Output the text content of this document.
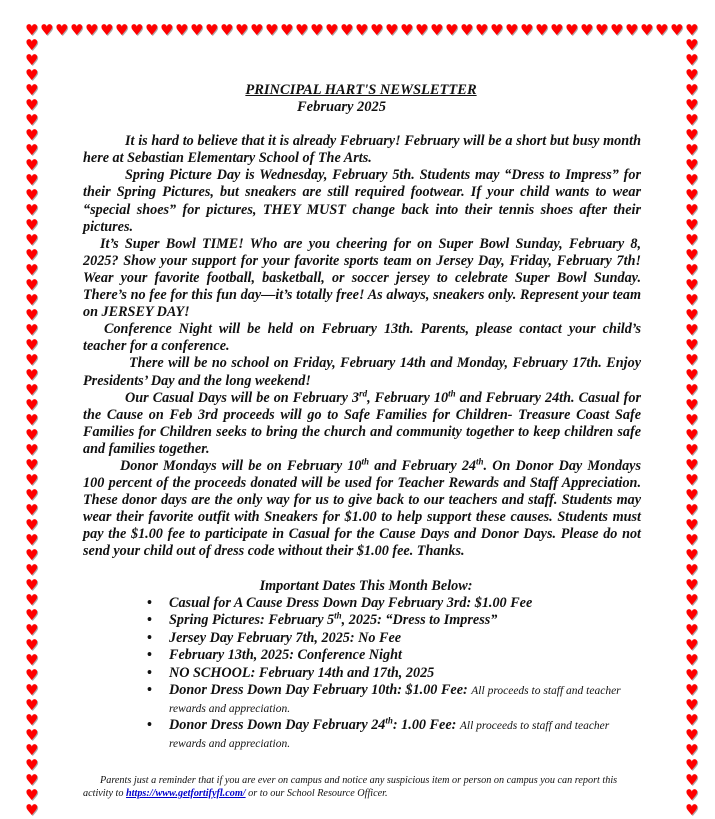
♥ ♥ ♥ ♥ ♥ ♥ ♥ ♥ ♥ ♥ ♥ ♥ ♥ ♥ ♥ ♥ ♥ ♥ ♥ ♥ ♥ ♥ ♥ ♥ ♥ ♥ ♥ ♥ ♥ ♥ ♥ ♥ ♥ ♥ ♥ ♥ ♥ ♥ ♥ ♥ ♥ ♥ ♥ ♥ ♥
♥	♥
♥	♥
♥	♥
♥	♥
♥	♥
♥	♥
♥	♥
♥	♥
♥	♥
♥	♥
♥	♥
♥	♥
♥	♥
♥	♥
♥	♥
♥	♥
♥	♥
♥	♥
♥	♥
♥	♥
♥	♥
♥	♥
♥	♥
♥	♥
♥	♥
♥	♥
♥	♥
♥	♥
♥	♥
♥	♥
♥	♥
♥	♥
♥	♥
♥	♥
♥	♥
♥	♥
♥	♥
♥	♥
♥	♥
♥	♥
♥	♥
♥	♥
♥	♥
♥	♥
♥	♥
♥	♥
♥	♥
♥	♥
♥	♥
♥	♥
♥	♥
♥	♥
PRINCIPAL HART'S NEWSLETTER
February 2025

It is hard to believe that it is already February! February will be a short but busy month here at Sebastian Elementary School of The Arts.

Spring Picture Day is Wednesday, February 5th. Students may “Dress to Impress” for their Spring Pictures, but sneakers are still required footwear. If your child wants to wear “special shoes” for pictures, THEY MUST change back into their tennis shoes after their pictures.

It’s Super Bowl TIME! Who are you cheering for on Super Bowl Sunday, February 8, 2025? Show your support for your favorite sports team on Jersey Day, Friday, February 7th! Wear your favorite football, basketball, or soccer jersey to celebrate Super Bowl Sunday. There’s no fee for this fun day—it’s totally free! As always, sneakers only. Represent your team on JERSEY DAY!

Conference Night will be held on February 13th. Parents, please contact your child’s teacher for a conference.

There will be no school on Friday, February 14th and Monday, February 17th. Enjoy Presidents’ Day and the long weekend!

Our Casual Days will be on February 3rd, February 10th and February 24th. Casual for the Cause on Feb 3rd proceeds will go to Safe Families for Children- Treasure Coast Safe Families for Children seeks to bring the church and community together to keep children safe and families together.

Donor Mondays will be on February 10th and February 24th. On Donor Day Mondays 100 percent of the proceeds donated will be used for Teacher Rewards and Staff Appreciation. These donor days are the only way for us to give back to our teachers and staff. Students may wear their favorite outfit with Sneakers for $1.00 to help support these causes. Students must pay the $1.00 fee to participate in Casual for the Cause Days and Donor Days. Please do not send your child out of dress code without their $1.00 fee. Thanks.

Important Dates This Month Below:
• Casual for A Cause Dress Down Day February 3rd: $1.00 Fee
• Spring Pictures: February 5th, 2025: “Dress to Impress”
• Jersey Day February 7th, 2025: No Fee
• February 13th, 2025: Conference Night
• NO SCHOOL: February 14th and 17th, 2025
• Donor Dress Down Day February 10th: $1.00 Fee: All proceeds to staff and teacher rewards and appreciation.
• Donor Dress Down Day February 24th: 1.00 Fee: All proceeds to staff and teacher rewards and appreciation.
Parents just a reminder that if you are ever on campus and notice any suspicious item or person on campus you can report this activity to https://www.getfortifyfl.com/ or to our School Resource Officer.
